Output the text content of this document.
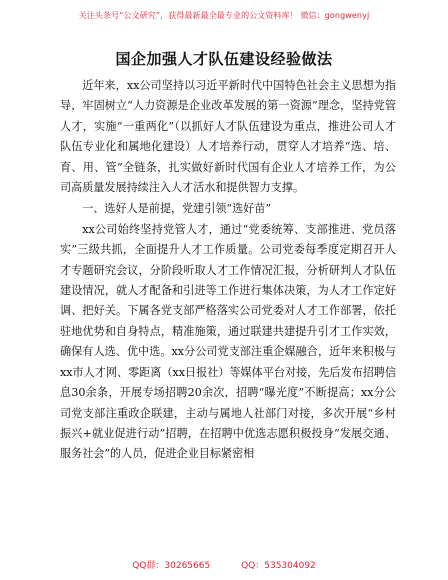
关注头条号“公文研究”，获得最新最全最专业的公文资料库！ 微信：gongwenyj
国企加强人才队伍建设经验做法

近年来，xx公司坚持以习近平新时代中国特色社会主义思想为指导，牢固树立“人力资源是企业改革发展的第一资源”理念，坚持党管人才，实施“一重两化”（以抓好人才队伍建设为重点，推进公司人才队伍专业化和属地化建设）人才培养行动，贯穿人才培养“选、培、育、用、管”全链条，扎实做好新时代国有企业人才培养工作，为公司高质量发展持续注入人才活水和提供智力支撑。

一、选好人是前提，党建引领“选好苗”

xx公司始终坚持党管人才，通过“党委统筹、支部推进、党员落实”三级共抓，全面提升人才工作质量。公司党委每季度定期召开人才专题研究会议，分阶段听取人才工作情况汇报，分析研判人才队伍建设情况，就人才配备和引进等工作进行集体决策，为人才工作定好调、把好关。下属各党支部严格落实公司党委对人才工作部署，依托驻地优势和自身特点，精准施策，通过联建共建提升引才工作实效，确保有人选、优中选。xx分公司党支部注重企媒融合，近年来积极与xx市人才网、零距离（xx日报社）等媒体平台对接，先后发布招聘信息30余条，开展专场招聘20余次，招聘“曝光度”不断提高；xx分公司党支部注重政企联建，主动与属地人社部门对接，多次开展“乡村振兴+就业促进行动”招聘，在招聘中优选志愿积极投身“发展交通、服务社会”的人员，促进企业目标紧密相

QQ群：30265665	QQ：535304092
